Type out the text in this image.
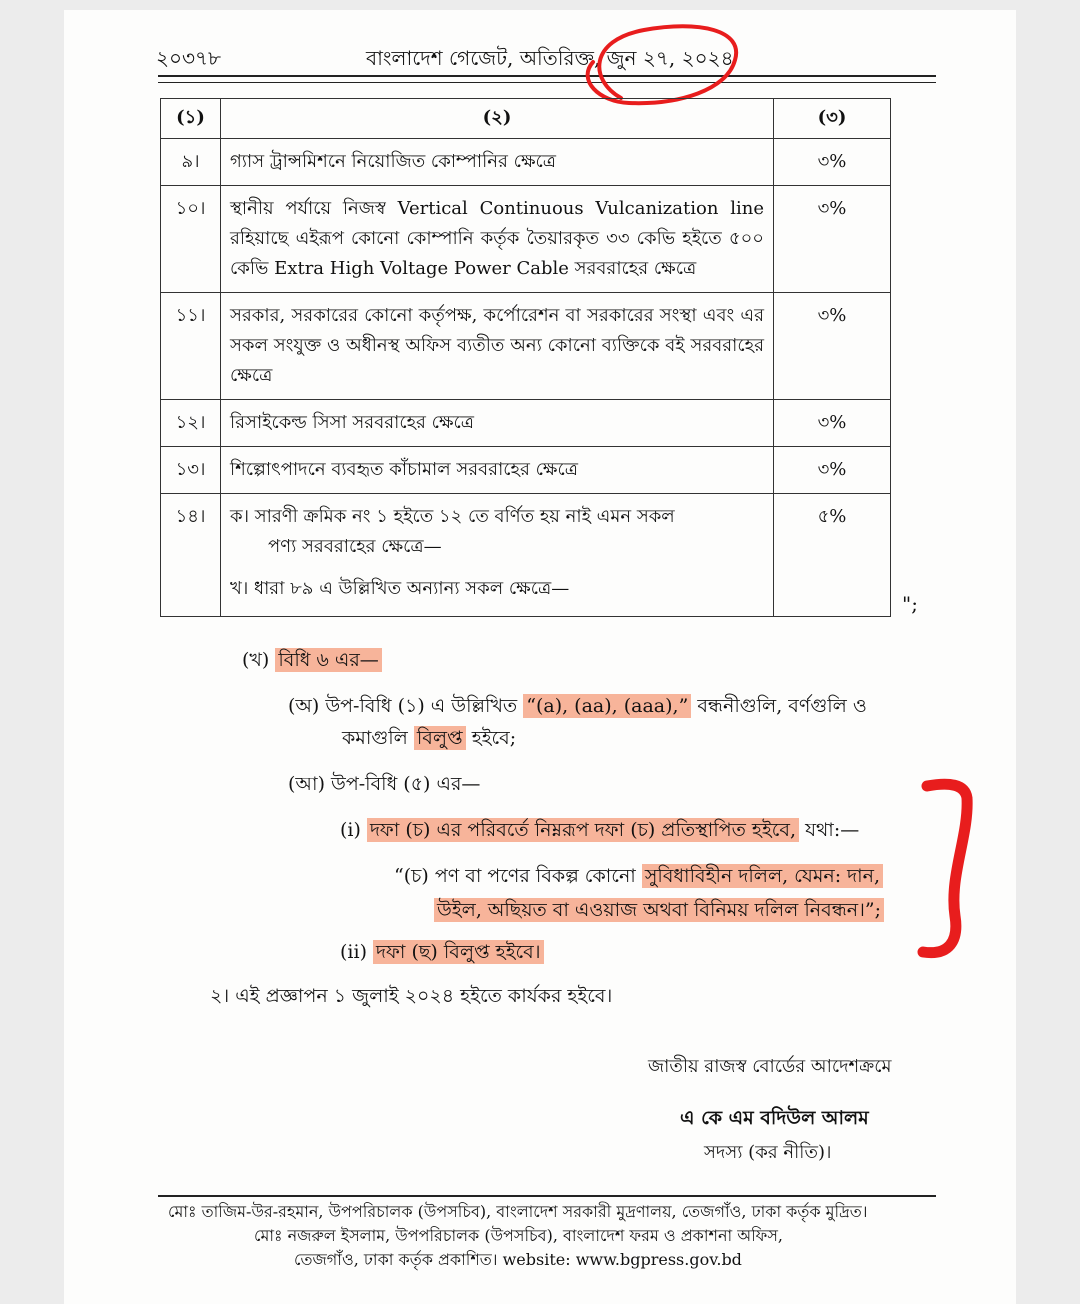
২০৩৭৮	বাংলাদেশ গেজেট, অতিরিক্ত, জুন ২৭, ২০২৪
(১)	(২)	(৩)
৯।	গ্যাস ট্রান্সমিশনে নিয়োজিত কোম্পানির ক্ষেত্রে	৩%
১০।	স্থানীয় পর্যায়ে নিজস্ব Vertical Continuous Vulcanization line রহিয়াছে এইরূপ কোনো কোম্পানি কর্তৃক তৈয়ারকৃত ৩৩ কেভি হইতে ৫০০ কেভি Extra High Voltage Power Cable সরবরাহের ক্ষেত্রে	৩%
১১।	সরকার, সরকারের কোনো কর্তৃপক্ষ, কর্পোরেশন বা সরকারের সংস্থা এবং এর সকল সংযুক্ত ও অধীনস্থ অফিস ব্যতীত অন্য কোনো ব্যক্তিকে বই সরবরাহের ক্ষেত্রে	৩%
১২।	রিসাইকেল্ড সিসা সরবরাহের ক্ষেত্রে	৩%
১৩।	শিল্পোৎপাদনে ব্যবহৃত কাঁচামাল সরবরাহের ক্ষেত্রে	৩%
১৪।	ক। সারণী ক্রমিক নং ১ হইতে ১২ তে বর্ণিত হয় নাই এমন সকল
পণ্য সরবরাহের ক্ষেত্রে—
খ। ধারা ৮৯ এ উল্লিখিত অন্যান্য সকল ক্ষেত্রে—	৫%
";
(খ) বিধি ৬ এর—
(অ) উপ-বিধি (১) এ উল্লিখিত “(a), (aa), (aaa),” বন্ধনীগুলি, বর্ণগুলি ও
কমাগুলি বিলুপ্ত হইবে;
(আ) উপ-বিধি (৫) এর—
(i) দফা (চ) এর পরিবর্তে নিম্নরূপ দফা (চ) প্রতিস্থাপিত হইবে, যথা:—
“(চ) পণ বা পণের বিকল্প কোনো সুবিধাবিহীন দলিল, যেমন: দান,
উইল, অছিয়ত বা এওয়াজ অথবা বিনিময় দলিল নিবন্ধন।”;
(ii) দফা (ছ) বিলুপ্ত হইবে।
২। এই প্রজ্ঞাপন ১ জুলাই ২০২৪ হইতে কার্যকর হইবে।
জাতীয় রাজস্ব বোর্ডের আদেশক্রমে
এ কে এম বদিউল আলম
সদস্য (কর নীতি)।
মোঃ তাজিম-উর-রহমান, উপপরিচালক (উপসচিব), বাংলাদেশ সরকারী মুদ্রণালয়, তেজগাঁও, ঢাকা কর্তৃক মুদ্রিত।
মোঃ নজরুল ইসলাম, উপপরিচালক (উপসচিব), বাংলাদেশ ফরম ও প্রকাশনা অফিস,
তেজগাঁও, ঢাকা কর্তৃক প্রকাশিত। website: www.bgpress.gov.bd
